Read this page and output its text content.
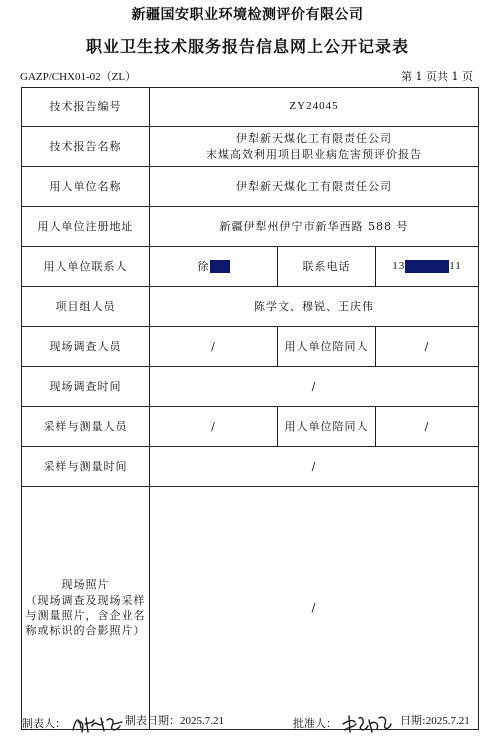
新疆国安职业环境检测评价有限公司
职业卫生技术服务报告信息网上公开记录表
GAZP/CHX01-02（ZL）	第 1 页共 1 页
技术报告编号	ZY24045		
技术报告名称	伊犁新天煤化工有限责任公司
末煤高效利用项目职业病危害预评价报告		

用人单位名称	伊犁新天煤化工有限责任公司		
用人单位注册地址	新疆伊犁州伊宁市新华西路 588 号		
用人单位联系人	徐	联系电话	13 11
项目组人员	陈学文、穆锐、王庆伟		
现场调查人员	/	用人单位陪同人	/
现场调查时间	/		
采样与测量人员	/	用人单位陪同人	/
采样与测量时间	/		

现场照片
（现场调查及现场采样
与测量照片，含企业名
称或标识的合影照片）	/		
制表人：	制表日期：2025.7.21	批准人：	日期:2025.7.21
